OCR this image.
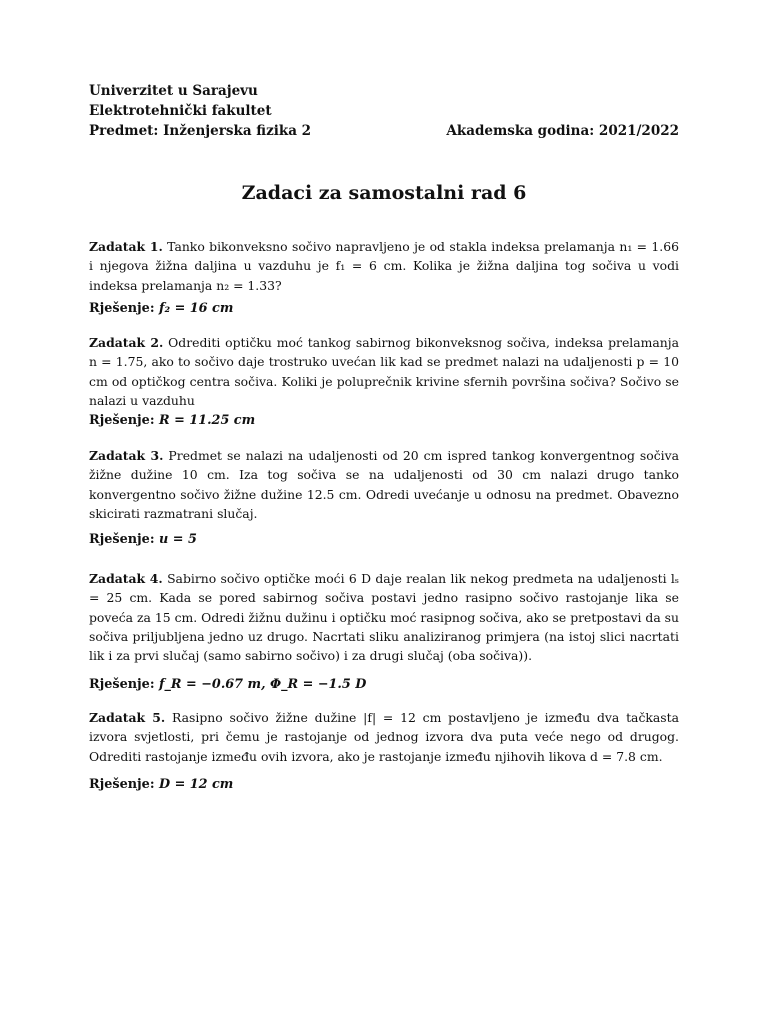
Univerzitet u Sarajevu
Elektrotehnički fakultet
Predmet: Inženjerska fizika 2	Akademska godina: 2021/2022
Zadaci za samostalni rad 6
Zadatak 1. Tanko bikonveksno sočivo napravljeno je od stakla indeksa prelamanja n₁ = 1.66 i njegova žižna daljina u vazduhu je f₁ = 6 cm. Kolika je žižna daljina tog sočiva u vodi indeksa prelamanja n₂ = 1.33?
Rješenje: f₂ = 16 cm
Zadatak 2. Odrediti optičku moć tankog sabirnog bikonveksnog sočiva, indeksa prelamanja n = 1.75, ako to sočivo daje trostruko uvećan lik kad se predmet nalazi na udaljenosti p = 10 cm od optičkog centra sočiva. Koliki je poluprečnik krivine sfernih površina sočiva? Sočivo se nalazi u vazduhu
Rješenje: R = 11.25 cm
Zadatak 3. Predmet se nalazi na udaljenosti od 20 cm ispred tankog konvergentnog sočiva žižne dužine 10 cm. Iza tog sočiva se na udaljenosti od 30 cm nalazi drugo tanko konvergentno sočivo žižne dužine 12.5 cm. Odredi uvećanje u odnosu na predmet. Obavezno skicirati razmatrani slučaj.
Rješenje: u = 5
Zadatak 4. Sabirno sočivo optičke moći 6 D daje realan lik nekog predmeta na udaljenosti lₛ = 25 cm. Kada se pored sabirnog sočiva postavi jedno rasipno sočivo rastojanje lika se poveća za 15 cm. Odredi žižnu dužinu i optičku moć rasipnog sočiva, ako se pretpostavi da su sočiva priljubljena jedno uz drugo. Nacrtati sliku analiziranog primjera (na istoj slici nacrtati lik i za prvi slučaj (samo sabirno sočivo) i za drugi slučaj (oba sočiva)).
Rješenje: f_R = −0.67 m, Φ_R = −1.5 D
Zadatak 5. Rasipno sočivo žižne dužine |f| = 12 cm postavljeno je između dva tačkasta izvora svjetlosti, pri čemu je rastojanje od jednog izvora dva puta veće nego od drugog. Odrediti rastojanje između ovih izvora, ako je rastojanje između njihovih likova d = 7.8 cm.
Rješenje: D = 12 cm
